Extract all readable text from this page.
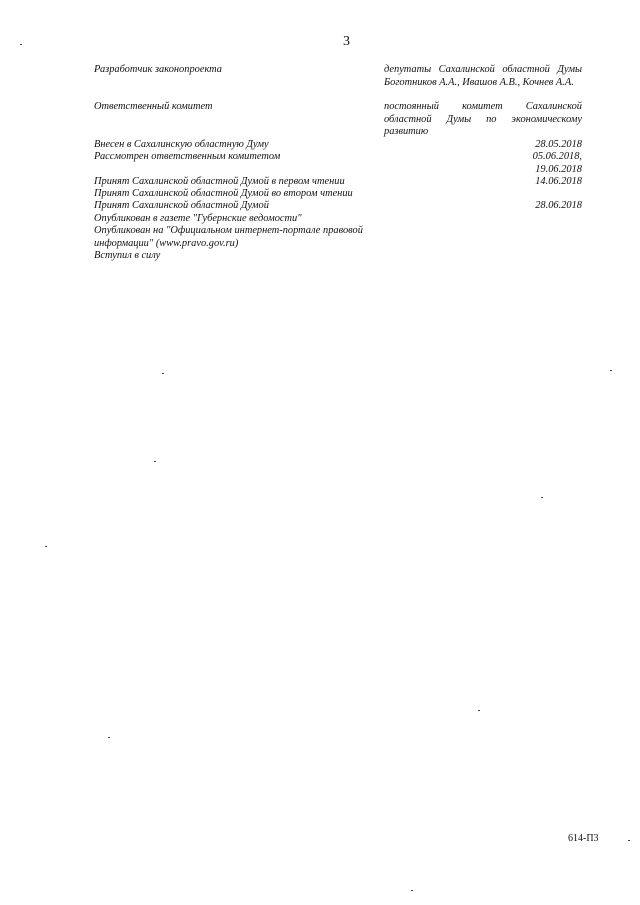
3
Разработчик законопроекта	депутаты Сахалинской областной Думы Боготников А.А., Ивашов А.В., Кочнев А.А.
Ответственный комитет	постоянный комитет Сахалинской областной Думы по экономическому развитию
Внесен в Сахалинскую областную Думу	28.05.2018
Рассмотрен ответственным комитетом	05.06.2018,
19.06.2018
Принят Сахалинской областной Думой в первом чтении	14.06.2018
Принят Сахалинской областной Думой во втором чтении
Принят Сахалинской областной Думой	28.06.2018
Опубликован в газете "Губернские ведомости"
Опубликован на "Официальном интернет-портале правовой информации" (www.pravo.gov.ru)
Вступил в силу
614-П3
